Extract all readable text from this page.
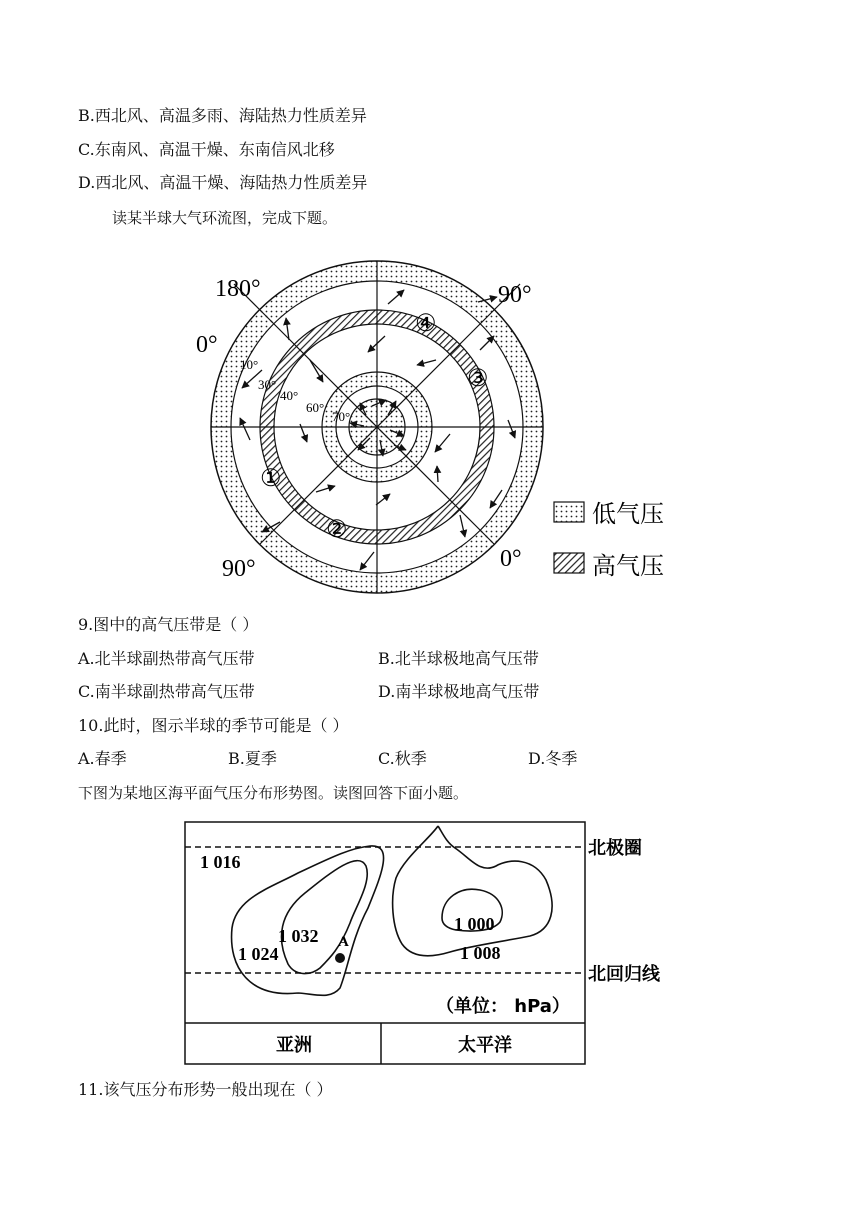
B.西北风、高温多雨、海陆热力性质差异
C.东南风、高温干燥、东南信风北移
D.西北风、高温干燥、海陆热力性质差异
读某半球大气环流图，完成下题。
180°
0°
90°
90°	0°
10°
30°
40°
60°
70°
①
②
③
④
低气压
高气压
9.图中的高气压带是（ ）
A.北半球副热带高气压带	B.北半球极地高气压带
C.南半球副热带高气压带	D.南半球极地高气压带
10.此时，图示半球的季节可能是（ ）
A.春季	B.夏季	C.秋季	D.冬季
下图为某地区海平面气压分布形势图。读图回答下面小题。
1 016
1 032
1 024
A
1 000
1 008
（单位： hPa）
亚洲	太平洋
北极圈
北回归线
11.该气压分布形势一般出现在（ ）
